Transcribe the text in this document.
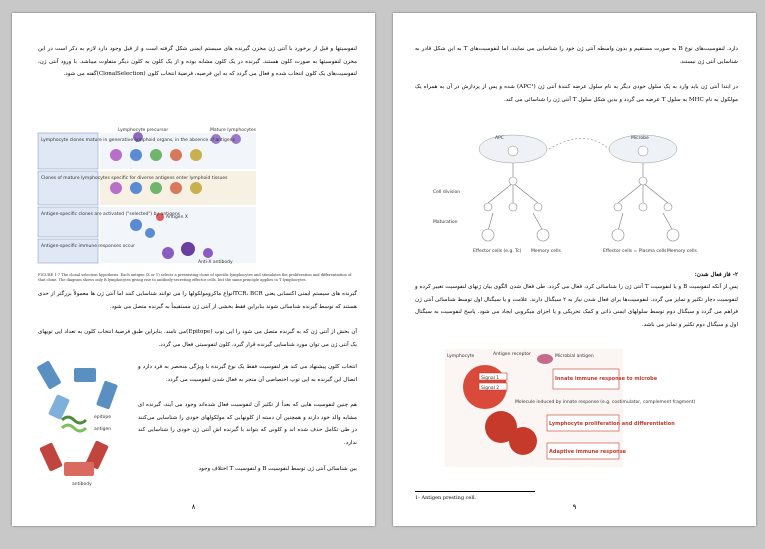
لنفوسیتها و قبل از برخورد با آنتی ژن مخزن گیرنده های سیستم ایمنی شکل گرفته است و از قبل وجود دارد لازم به ذکر است در این مخزن لنفوسیتها به صورت کلون هستند. گیرنده در یک کلون مشابه بوده و از یک کلون به کلون دیگر متفاوت میباشد. با ورود آنتی ژن، لنفوسیت‌های یک کلون انتخاب شده و فعال می گردد که به این فرضیه، فرضیهٔ انتخاب کلون (ClonalSelection)گفته می شود.
Lymphocyte clones mature in generative lymphoid organs, in the absence of antigens
Clones of mature lymphocytes specific for diverse antigens enter lymphoid tissues
Antigen-specific clones are activated ("selected") by antigens
Antigen-specific immune responses occur
Lymphocyte precursor	Mature lymphocytes
Antigen X
Anti-X antibody
FIGURE 1-7 The clonal selection hypothesis. Each antigen (X or Y) selects a preexisting clone of specific lymphocytes and stimulates the proliferation and differentiation of that clone. The diagram shows only B lymphocytes giving rise to antibody-secreting effector cells, but the same principle applies to T lymphocytes.
گیرنده های سیستم ایمنی اکتسابی یعنی TCR، BCRانواع ماکرومولکولها را می توانند شناسایی کنند اما آنتی ژن ها معمولاً بزرگتر از حدی هستند که توسط گیرنده شناسائی شوند بنابراین فقط بخشی از آنتی ژن مستقیماً به گیرنده متصل می شود.
آن بخش از آنتی ژن که به گیرنده متصل می شود را اپی توپ (Epitope)می نامند. بنابراین طبق فرضیهٔ انتخاب کلون به تعداد اپی توپهای یک آنتی ژن می توان مورد شناسایی گیرنده قرار گیرد، کلون لنفوسیتی فعال می گردد.
epitope
antigen
antibody
انتخاب کلون پیشنهاد می کند هر لنفوسیت فقط یک نوع گیرنده با ویژگی منحصر به فرد دارد و اتصال این گیرنده به اپی توپ اختصاصی آن منجر به فعال شدن لنفوسیت می گردد.
هم چنین لنفوسیت هایی که بعداً از تکثیر آن لنفوسیت فعال شده‌اند وجود می آیند، گیرنده ای مشابه والد خود دارند و همچنین آن دسته از کلونهایی که مولکولهای خودی را شناسایی می‌کنند در طی تکامل حذف شده اند و کلونی که بتواند با گیرنده اش آنتی ژن خودی را شناسایی کند ندارد.
بین شناسائی آنتی ژن توسط لنفوسیت B و لنفوسیت T اختلاف وجود
۸
دارد. لنفوسیت‌های نوع B به صورت مستقیم و بدون واسطه آنتی ژن خود را شناسایی می نمایند، اما لنفوسیت‌های T به این شکل قادر به شناسایی آنتی ژن نیستند.
در ابتدا آنتی ژن باید وارد به یک سلول خودی دیگر به نام سلول عرضه کنندهٔ آنتی ژن (APC¹) شده و پس از پردازش در آن به همراه یک مولکول به نام MHC به سلول T عرضه می گردد و بدین شکل سلول T آنتی ژن را شناسائی می کند.
APC	Microbe
Cell division
Maturation
Effector cells (e.g. Tc) Memory cells	Effector cells = Plasma cells Memory cells
۲- فاز فعال شدن:
پس از آنکه لنفوسیت B و یا لنفوسیت T آنتی ژن را شناسائی کرد، فعال می گردد. طی فعال شدن الگوی بیان ژنهای لنفوسیت تغییر کرده و لنفوسیت دچار تکثیر و تمایز می گردد. لنفوسیت‌ها برای فعال شدن نیاز به ۲ سیگنال دارند. علامت و یا سیگنال اول توسط شناسائی آنتی ژن فراهم می گردد و سیگنال دوم توسط سلولهای ایمنی ذاتی و کمک تحریکی و یا اجزای میکروبی ایجاد می شود. پاسخ لنفوسیت به سیگنال اول و سیگنال دوم تکثیر و تمایز می باشد.
Lymphocyte	Antigen receptor	Microbial antigen
Signal 1
Signal 2
Innate immune response to microbe
Molecule induced by innate response (e.g. costimulator, complement fragment)
Lymphocyte proliferation and differentiation
Adaptive immune response
1- Antigen presting cell.
۹
